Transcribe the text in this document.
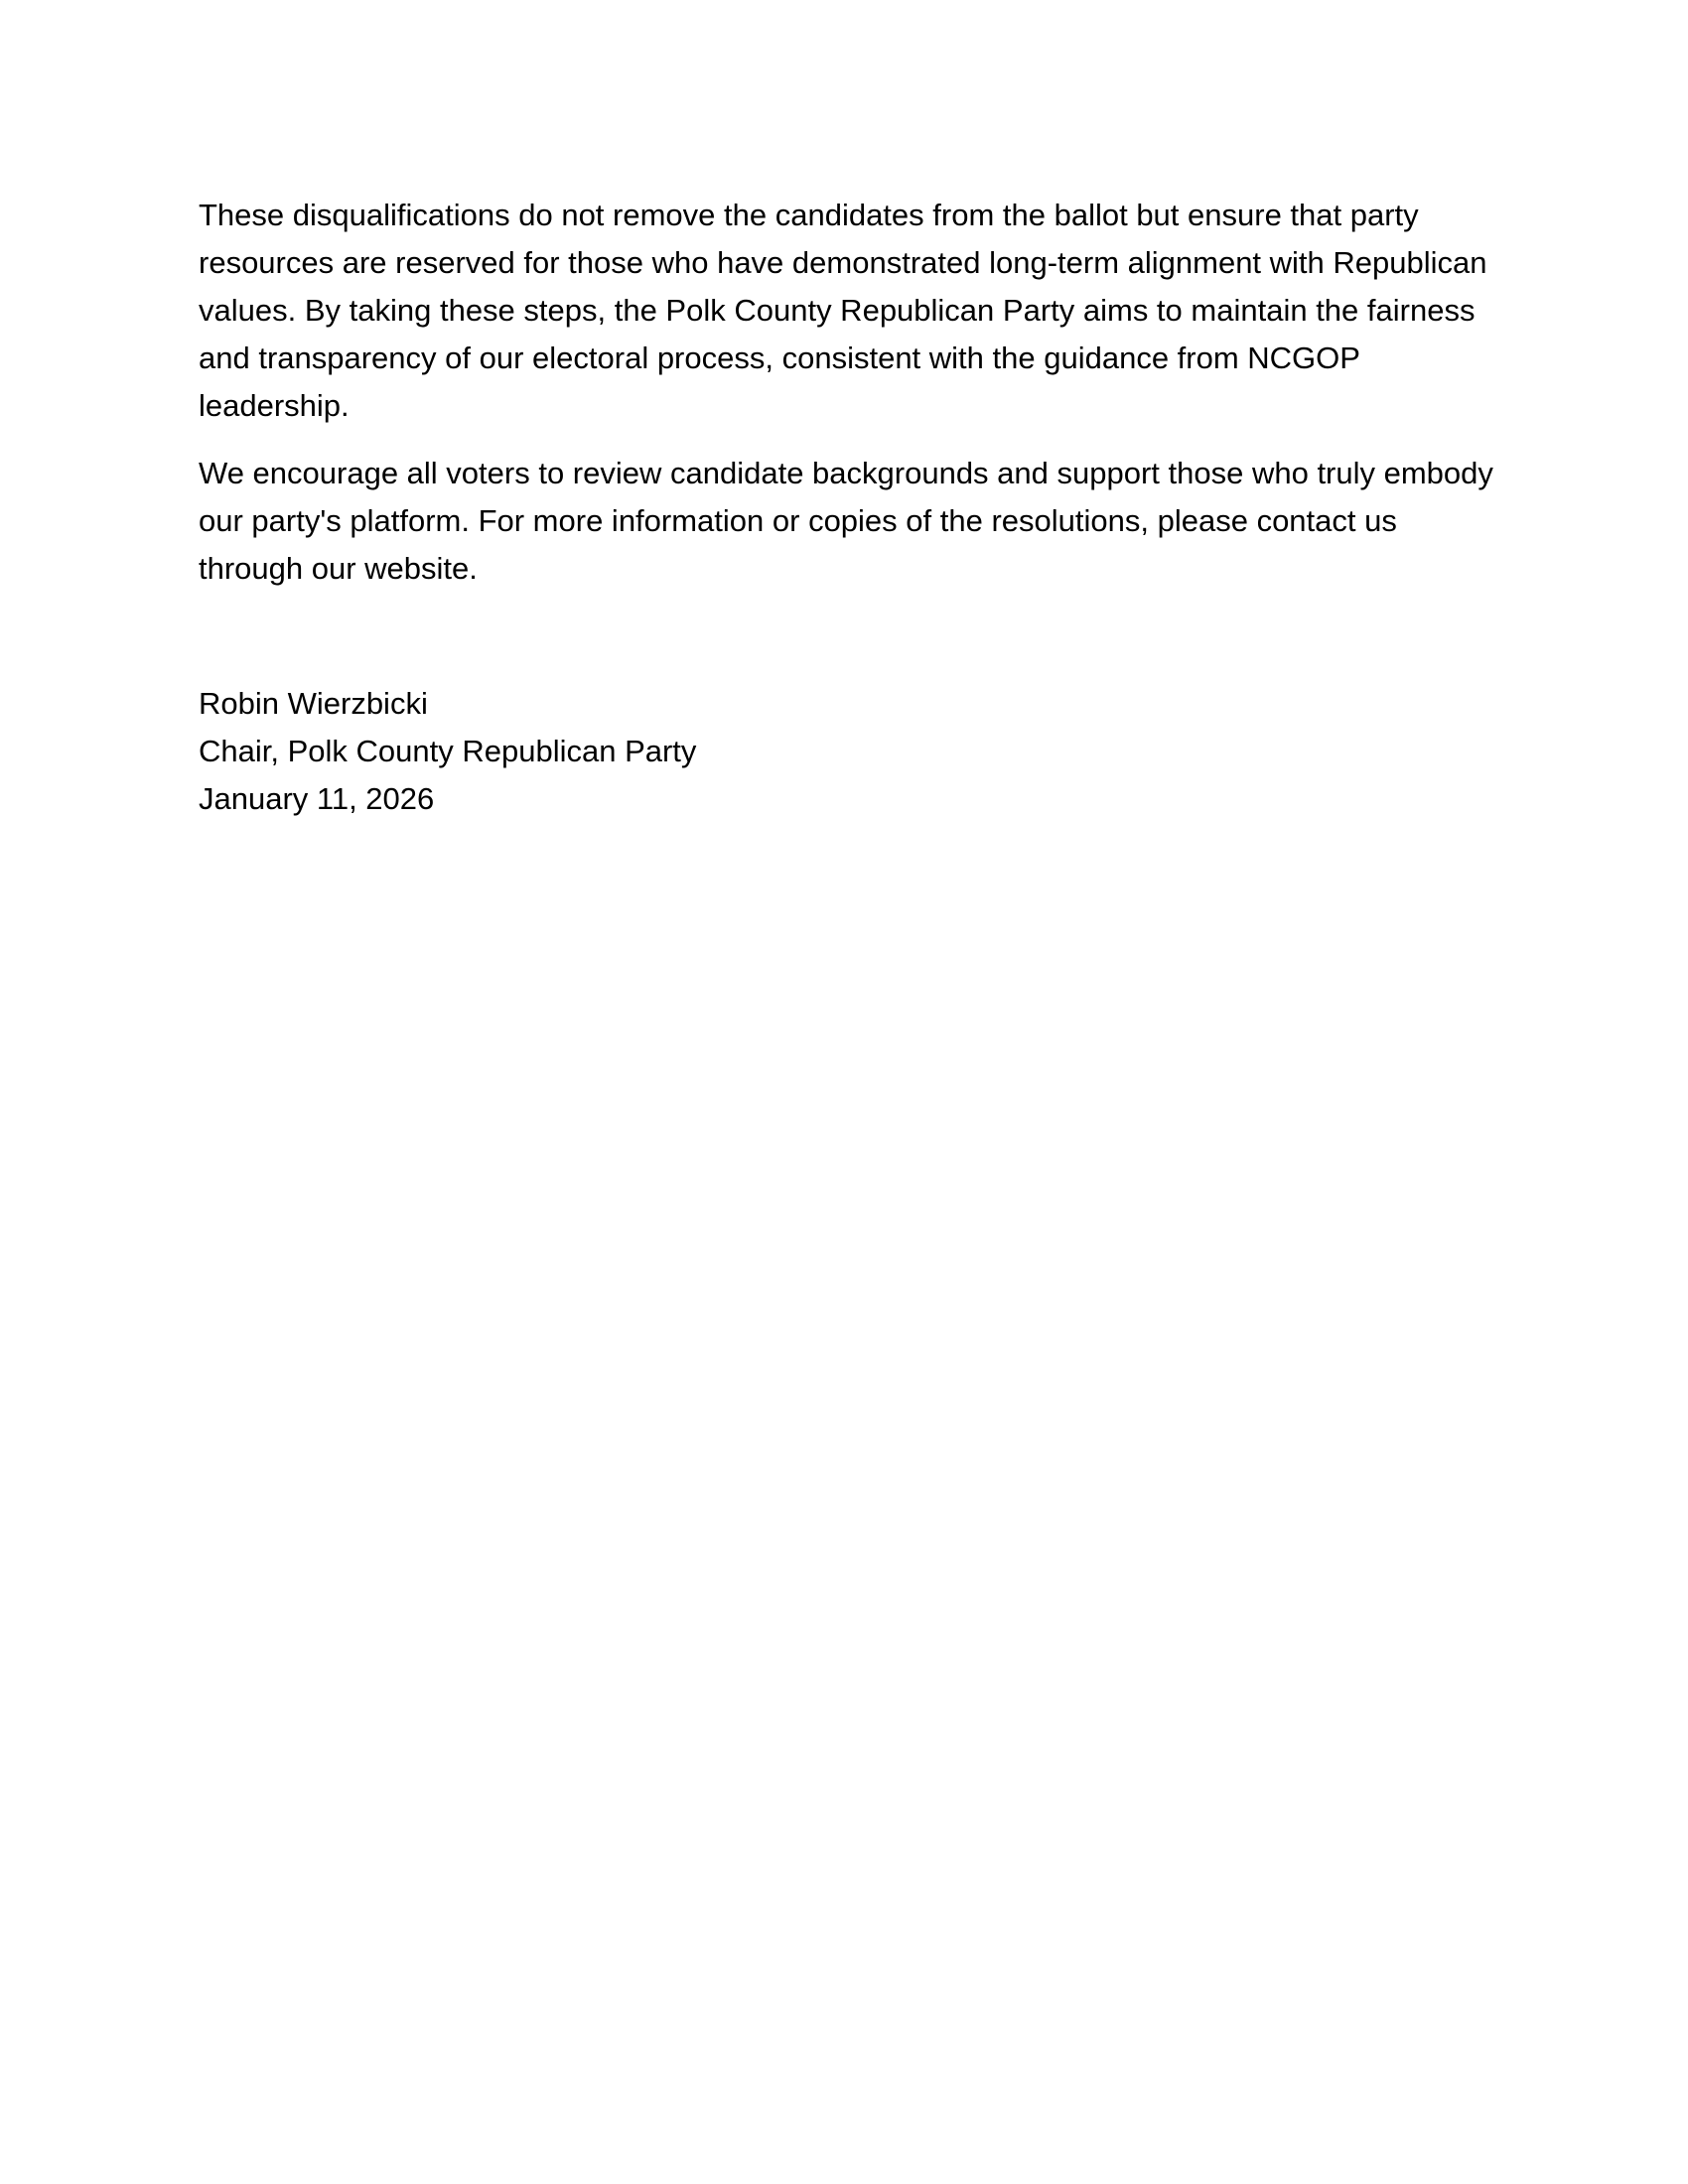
These disqualifications do not remove the candidates from the ballot but ensure that party
resources are reserved for those who have demonstrated long-term alignment with Republican
values. By taking these steps, the Polk County Republican Party aims to maintain the fairness
and transparency of our electoral process, consistent with the guidance from NCGOP
leadership.
We encourage all voters to review candidate backgrounds and support those who truly embody
our party's platform. For more information or copies of the resolutions, please contact us
through our website.
Robin Wierzbicki
Chair, Polk County Republican Party
January 11, 2026
